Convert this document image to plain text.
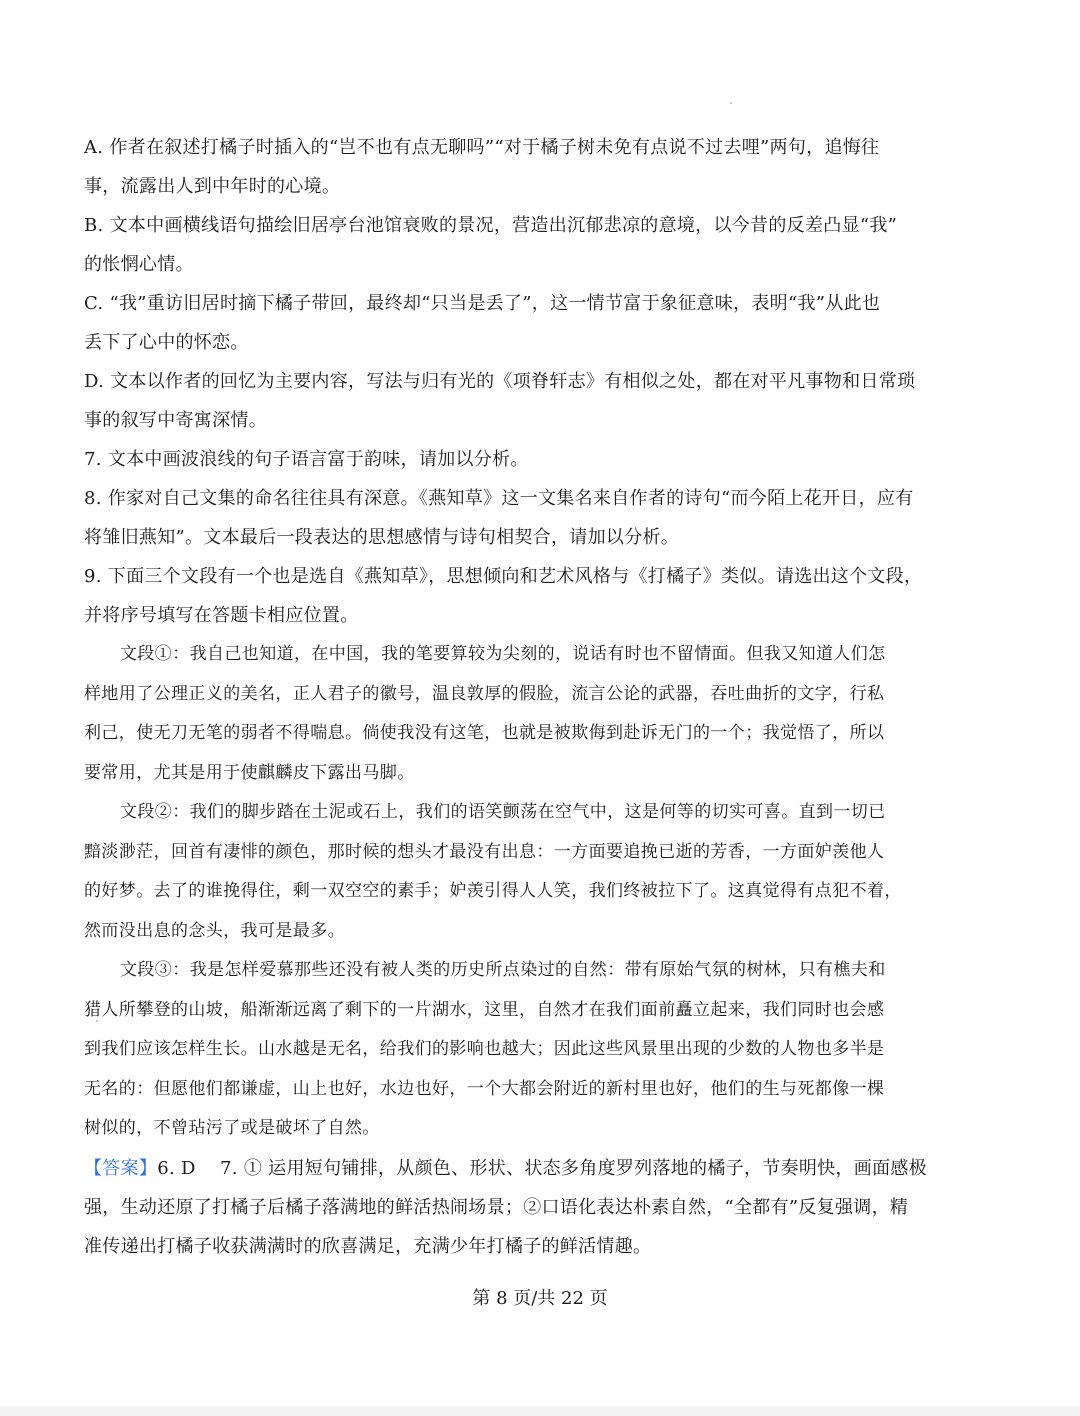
A. 作者在叙述打橘子时插入的“岂不也有点无聊吗”“对于橘子树未免有点说不过去哩”两句，追悔往
事，流露出人到中年时的心境。

B. 文本中画横线语句描绘旧居亭台池馆衰败的景况，营造出沉郁悲凉的意境，以今昔的反差凸显“我”
的怅惘心情。

C. “我”重访旧居时摘下橘子带回，最终却“只当是丢了”，这一情节富于象征意味，表明“我”从此也
丢下了心中的怀恋。

D. 文本以作者的回忆为主要内容，写法与归有光的《项脊轩志》有相似之处，都在对平凡事物和日常琐
事的叙写中寄寓深情。

7. 文本中画波浪线的句子语言富于韵味，请加以分析。

8. 作家对自己文集的命名往往具有深意。《燕知草》这一文集名来自作者的诗句“而今陌上花开日，应有
将雏旧燕知”。文本最后一段表达的思想感情与诗句相契合，请加以分析。

9. 下面三个文段有一个也是选自《燕知草》，思想倾向和艺术风格与《打橘子》类似。请选出这个文段，
并将序号填写在答题卡相应位置。

文段①：我自己也知道，在中国，我的笔要算较为尖刻的，说话有时也不留情面。但我又知道人们怎
样地用了公理正义的美名，正人君子的徽号，温良敦厚的假脸，流言公论的武器，吞吐曲折的文字，行私
利己，使无刀无笔的弱者不得喘息。倘使我没有这笔，也就是被欺侮到赴诉无门的一个；我觉悟了，所以
要常用，尤其是用于使麒麟皮下露出马脚。

文段②：我们的脚步踏在土泥或石上，我们的语笑颤荡在空气中，这是何等的切实可喜。直到一切已
黯淡渺茫，回首有凄悱的颜色，那时候的想头才最没有出息：一方面要追挽已逝的芳香，一方面妒羡他人
的好梦。去了的谁挽得住，剩一双空空的素手；妒羡引得人人笑，我们终被拉下了。这真觉得有点犯不着，
然而没出息的念头，我可是最多。

文段③：我是怎样爱慕那些还没有被人类的历史所点染过的自然：带有原始气氛的树林，只有樵夫和
猎人所攀登的山坡，船渐渐远离了剩下的一片湖水，这里，自然才在我们面前矗立起来，我们同时也会感
到我们应该怎样生长。山水越是无名，给我们的影响也越大；因此这些风景里出现的少数的人物也多半是
无名的：但愿他们都谦虚，山上也好，水边也好，一个大都会附近的新村里也好，他们的生与死都像一棵
树似的，不曾玷污了或是破坏了自然。

【答案】6. D　 7. ① 运用短句铺排，从颜色、形状、状态多角度罗列落地的橘子，节奏明快，画面感极
强，生动还原了打橘子后橘子落满地的鲜活热闹场景；②口语化表达朴素自然，“全都有”反复强调，精
准传递出打橘子收获满满时的欣喜满足，充满少年打橘子的鲜活情趣。

第 8 页/共 22 页
